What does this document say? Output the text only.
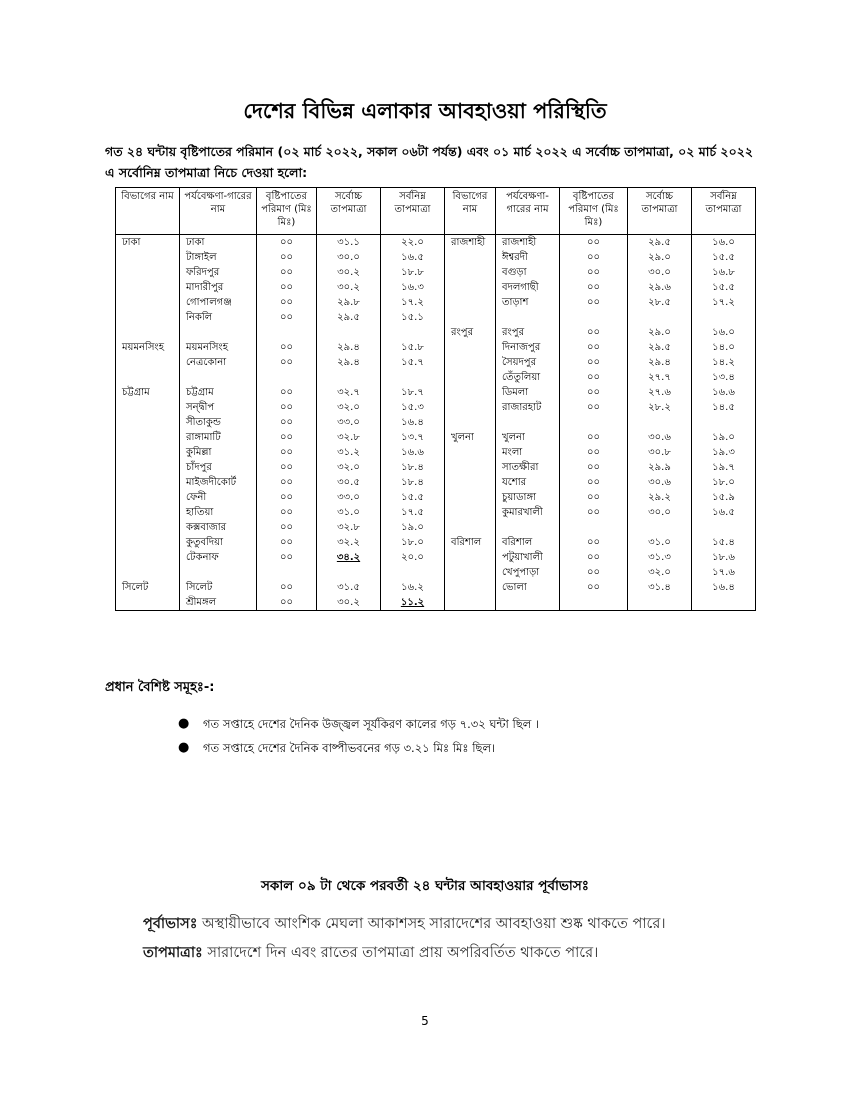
দেশের বিভিন্ন এলাকার আবহাওয়া পরিস্থিতি
গত ২৪ ঘন্টায় বৃষ্টিপাতের পরিমান (০২ মার্চ ২০২২, সকাল ০৬টা পর্যন্ত) এবং ০১ মার্চ ২০২২ এ সর্বোচ্চ তাপমাত্রা, ০২ মার্চ ২০২২ এ সর্বোনিম্ন তাপমাত্রা নিচে দেওয়া হলো:
বিভাগের নাম	পর্যবেক্ষণা-গারের নাম	বৃষ্টিপাতের পরিমাণ (মিঃ মিঃ)	সর্বোচ্চ তাপমাত্রা	সর্বনিম্ন তাপমাত্রা	বিভাগের নাম	পর্যবেক্ষণা-গারের নাম	বৃষ্টিপাতের পরিমাণ (মিঃ মিঃ)	সর্বোচ্চ তাপমাত্রা	সর্বনিম্ন তাপমাত্রা
ঢাকা	ঢাকা	০০	৩১.১	২২.০	রাজশাহী	রাজশাহী	০০	২৯.৫	১৬.০
	টাঙ্গাইল	০০	৩০.০	১৬.৫		ঈশ্বরদী	০০	২৯.০	১৫.৫
	ফরিদপুর	০০	৩০.২	১৮.৮		বগুড়া	০০	৩০.০	১৬.৮
	মাদারীপুর	০০	৩০.২	১৬.৩		বদলগাছী	০০	২৯.৬	১৫.৫
	গোপালগঞ্জ	০০	২৯.৮	১৭.২		তাড়াশ	০০	২৮.৫	১৭.২
	নিকলি	০০	২৯.৫	১৫.১					
					রংপুর	রংপুর	০০	২৯.০	১৬.০
ময়মনসিংহ	ময়মনসিংহ	০০	২৯.৪	১৫.৮		দিনাজপুর	০০	২৯.৫	১৪.০
	নেত্রকোনা	০০	২৯.৪	১৫.৭		সৈয়দপুর	০০	২৯.৪	১৪.২
						তেঁতুলিয়া	০০	২৭.৭	১৩.৪
চট্টগ্রাম	চট্টগ্রাম	০০	৩২.৭	১৮.৭		ডিমলা	০০	২৭.৬	১৬.৬
	সন্দ্বীপ	০০	৩২.০	১৫.৩		রাজারহাট	০০	২৮.২	১৪.৫
	সীতাকুন্ড	০০	৩৩.০	১৬.৪					
	রাঙ্গামাটি	০০	৩২.৮	১৩.৭	খুলনা	খুলনা	০০	৩০.৬	১৯.০
	কুমিল্লা	০০	৩১.২	১৬.৬		মংলা	০০	৩০.৮	১৯.৩
	চাঁদপুর	০০	৩২.০	১৮.৪		সাতক্ষীরা	০০	২৯.৯	১৯.৭
	মাইজদীকোর্ট	০০	৩০.৫	১৮.৪		যশোর	০০	৩০.৬	১৮.০
	ফেনী	০০	৩৩.০	১৫.৫		চুয়াডাঙ্গা	০০	২৯.২	১৫.৯
	হাতিয়া	০০	৩১.০	১৭.৫		কুমারখালী	০০	৩০.০	১৬.৫
	কক্সবাজার	০০	৩২.৮	১৯.০					
	কুতুবদিয়া	০০	৩২.২	১৮.০	বরিশাল	বরিশাল	০০	৩১.০	১৫.৪
	টেকনাফ	০০	৩৪.২	২০.০		পটুয়াখালী	০০	৩১.৩	১৮.৬
						খেপুপাড়া	০০	৩২.০	১৭.৬
সিলেট	সিলেট	০০	৩১.৫	১৬.২		ভোলা	০০	৩১.৪	১৬.৪
	শ্রীমঙ্গল	০০	৩০.২	১১.২					
প্রধান বৈশিষ্ট সমূহঃ-:
● গত সপ্তাহে দেশের দৈনিক উজ্জ্বল সূর্যকিরণ কালের গড় ৭.৩২ ঘন্টা ছিল ।
● গত সপ্তাহে দেশের দৈনিক বাষ্পীভবনের গড় ৩.২১ মিঃ মিঃ ছিল।
সকাল ০৯ টা থেকে পরবর্তী ২৪ ঘন্টার আবহাওয়ার পূর্বাভাসঃ
পূর্বাভাসঃ অস্থায়ীভাবে আংশিক মেঘলা আকাশসহ সারাদেশের আবহাওয়া শুষ্ক থাকতে পারে।
তাপমাত্রাঃ সারাদেশে দিন এবং রাতের তাপমাত্রা প্রায় অপরিবর্তিত থাকতে পারে।
5
